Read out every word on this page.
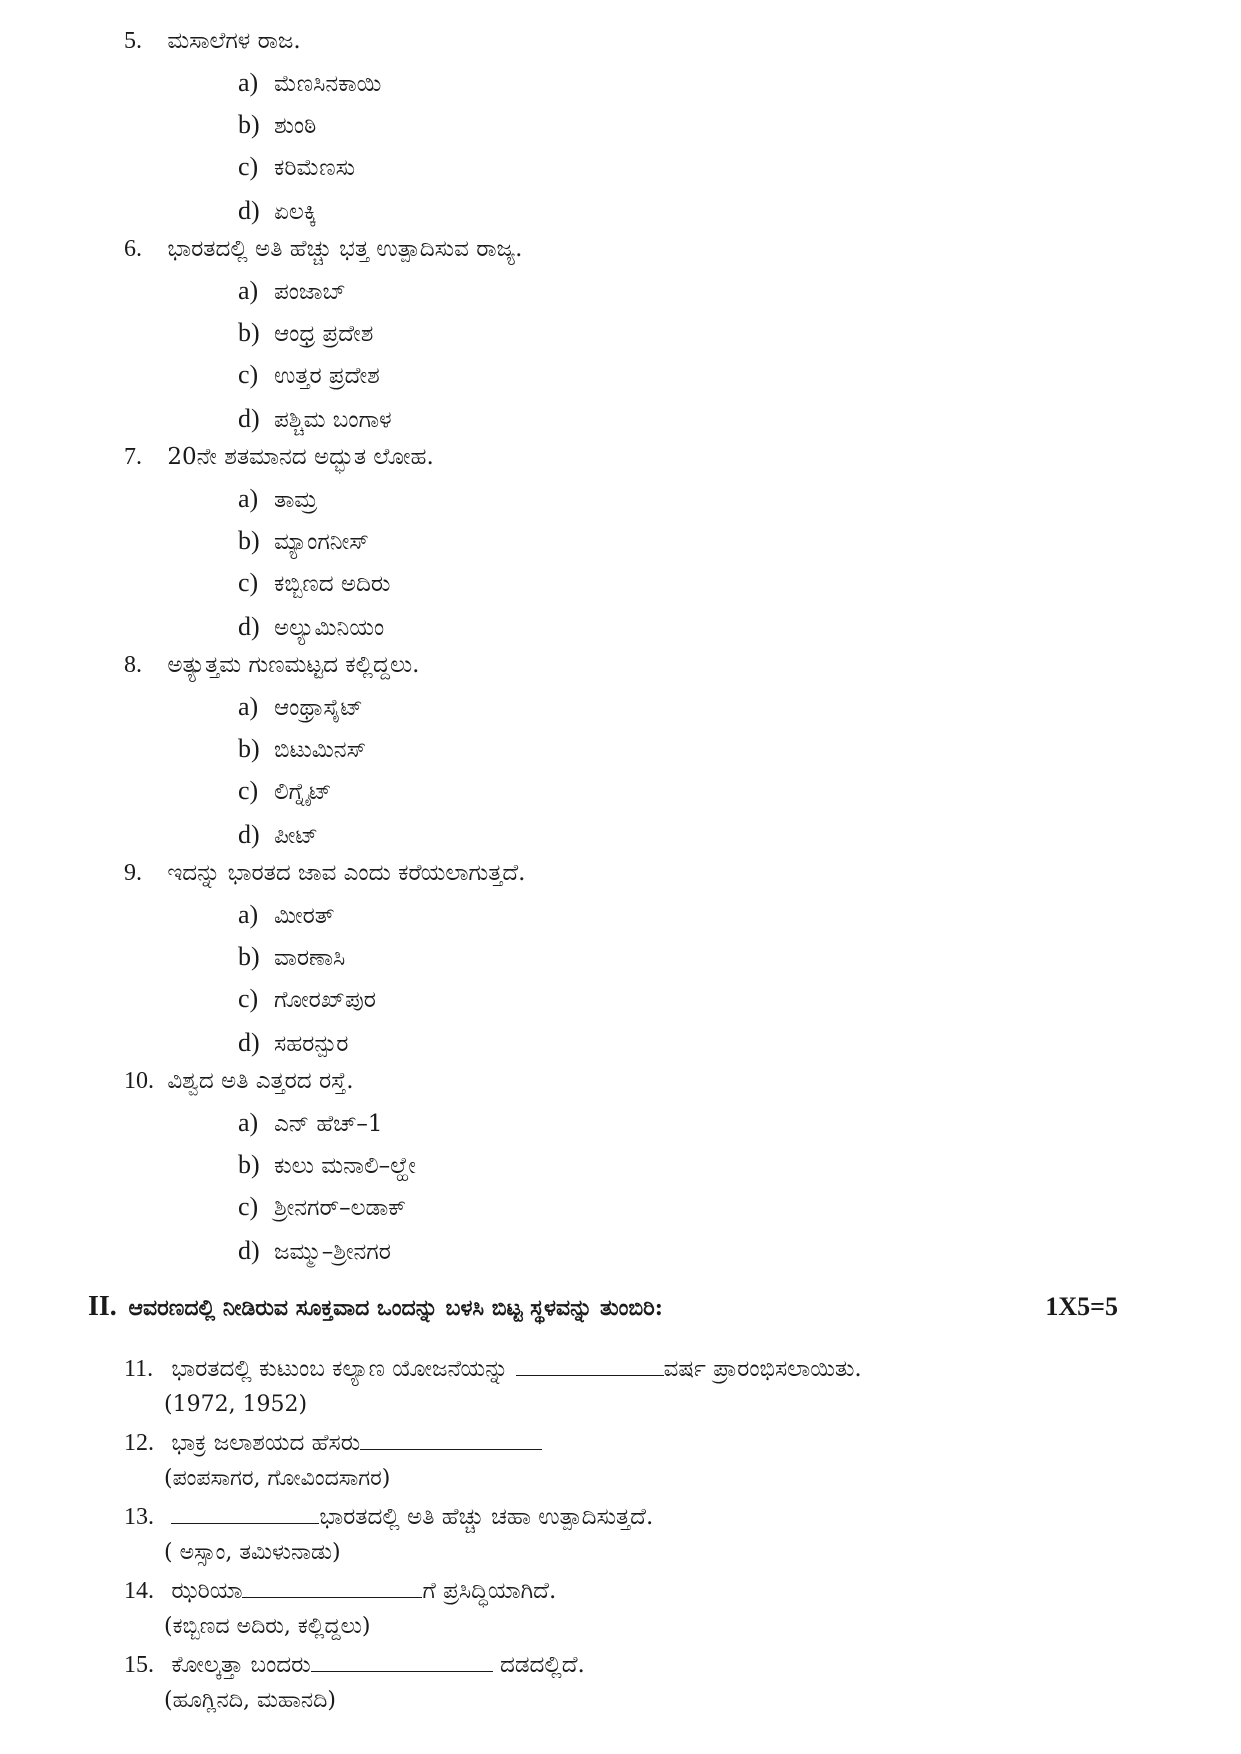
5. ಮಸಾಲೆಗಳ ರಾಜ.
a) ಮೆಣಸಿನಕಾಯಿ
b) ಶುಂಠಿ
c) ಕರಿಮೆಣಸು
d) ಏಲಕ್ಕಿ
6. ಭಾರತದಲ್ಲಿ ಅತಿ ಹೆಚ್ಚು ಭತ್ತ ಉತ್ಪಾದಿಸುವ ರಾಜ್ಯ.
a) ಪಂಜಾಬ್
b) ಆಂಧ್ರ ಪ್ರದೇಶ
c) ಉತ್ತರ ಪ್ರದೇಶ
d) ಪಶ್ಚಿಮ ಬಂಗಾಳ
7. 20ನೇ ಶತಮಾನದ ಅದ್ಭುತ ಲೋಹ.
a) ತಾಮ್ರ
b) ಮ್ಯಾಂಗನೀಸ್
c) ಕಬ್ಬಿಣದ ಅದಿರು
d) ಅಲ್ಯುಮಿನಿಯಂ
8. ಅತ್ಯುತ್ತಮ ಗುಣಮಟ್ಟದ ಕಲ್ಲಿದ್ದಲು.
a) ಆಂಥ್ರಾಸೈಟ್
b) ಬಿಟುಮಿನಸ್
c) ಲಿಗ್ನೈಟ್
d) ಪೀಟ್
9. ಇದನ್ನು ಭಾರತದ ಜಾವ ಎಂದು ಕರೆಯಲಾಗುತ್ತದೆ.
a) ಮೀರತ್
b) ವಾರಣಾಸಿ
c) ಗೋರಖ್‌ಪುರ
d) ಸಹರನ್ಪುರ
10. ವಿಶ್ವದ ಅತಿ ಎತ್ತರದ ರಸ್ತೆ.
a) ಎನ್ ಹೆಚ್–1
b) ಕುಲು ಮನಾಲಿ–ಲ್ಹೇ
c) ಶ್ರೀನಗರ್–ಲಡಾಕ್
d) ಜಮ್ಮು–ಶ್ರೀನಗರ
II. ಆವರಣದಲ್ಲಿ ನೀಡಿರುವ ಸೂಕ್ತವಾದ ಒಂದನ್ನು ಬಳಸಿ ಬಿಟ್ಟ ಸ್ಥಳವನ್ನು ತುಂಬಿರಿ:	1X5=5
11. ಭಾರತದಲ್ಲಿ ಕುಟುಂಬ ಕಲ್ಯಾಣ ಯೋಜನೆಯನ್ನು	ವರ್ಷ ಪ್ರಾರಂಭಿಸಲಾಯಿತು.
(1972, 1952)
12. ಭಾಕ್ರ ಜಲಾಶಯದ ಹೆಸರು
(ಪಂಪಸಾಗರ, ಗೋವಿಂದಸಾಗರ)
13.	ಭಾರತದಲ್ಲಿ ಅತಿ ಹೆಚ್ಚು ಚಹಾ ಉತ್ಪಾದಿಸುತ್ತದೆ.
( ಅಸ್ಸಾಂ, ತಮಿಳುನಾಡು)
14. ಝರಿಯಾ	ಗೆ ಪ್ರಸಿದ್ಧಿಯಾಗಿದೆ.
(ಕಬ್ಬಿಣದ ಅದಿರು, ಕಲ್ಲಿದ್ದಲು)
15. ಕೋಲ್ಕತ್ತಾ ಬಂದರು	ದಡದಲ್ಲಿದೆ.
(ಹೂಗ್ಲಿನದಿ, ಮಹಾನದಿ)
